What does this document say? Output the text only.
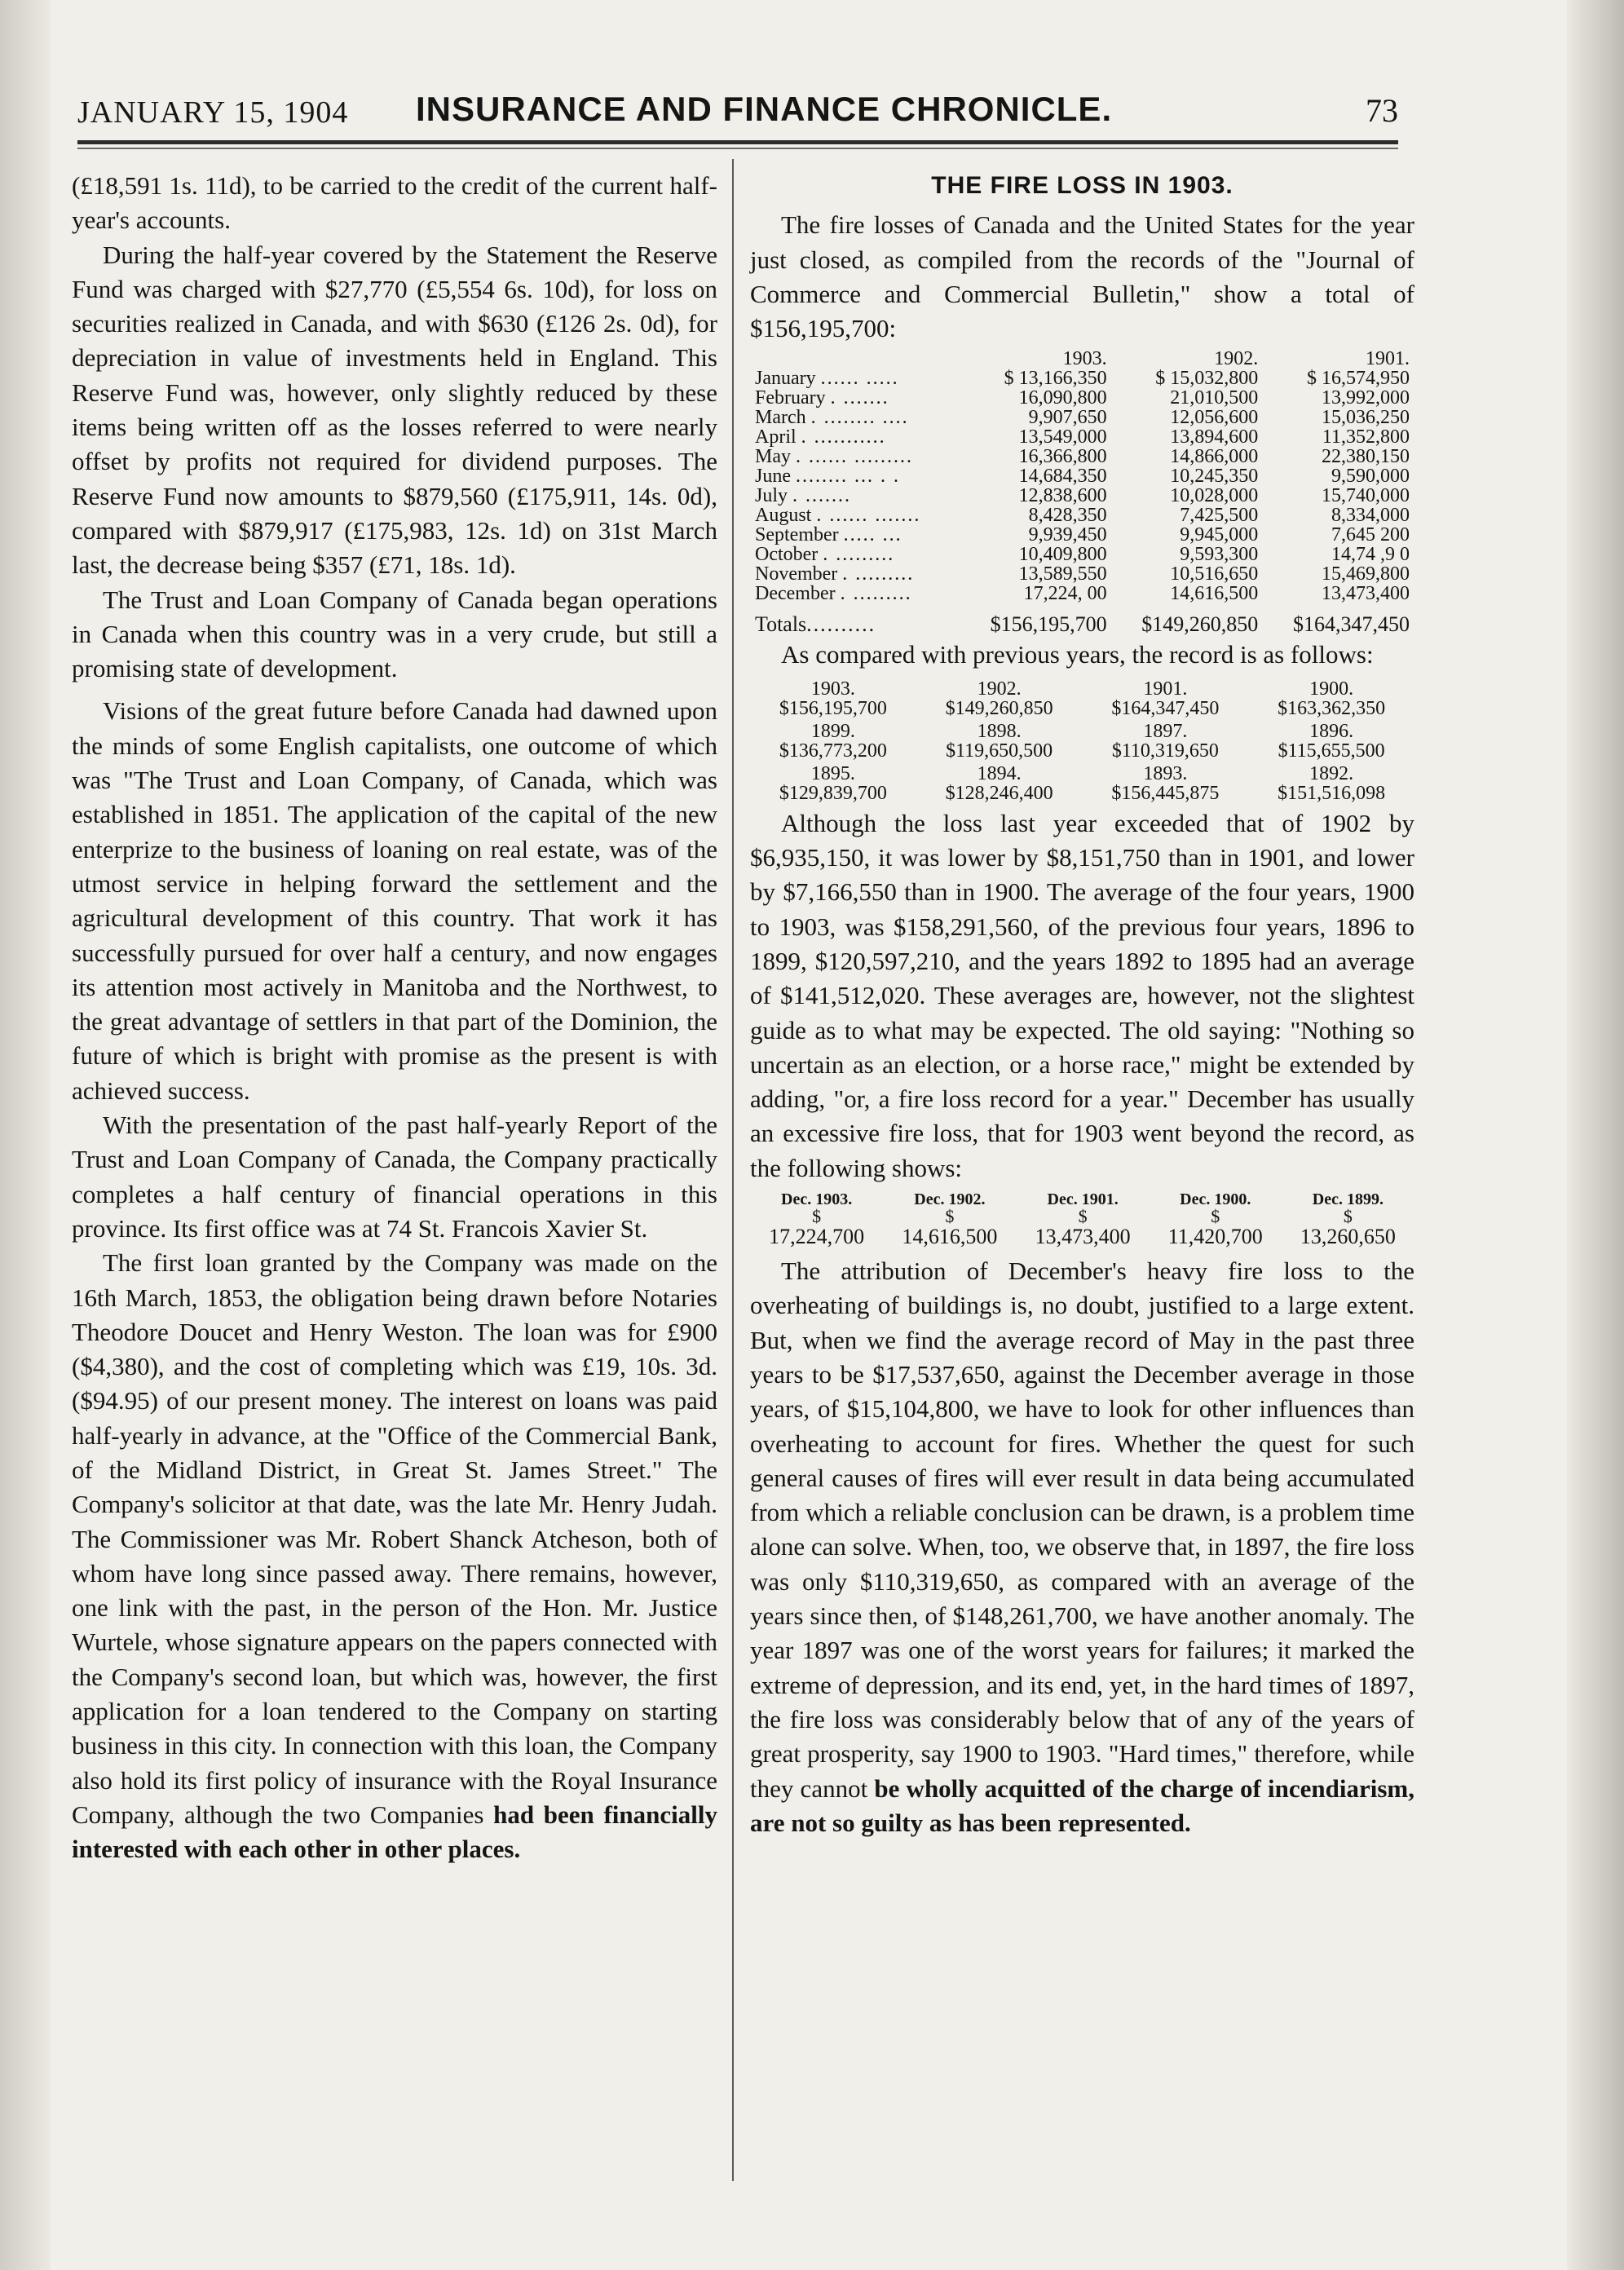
JANUARY 15, 1904 INSURANCE AND FINANCE CHRONICLE.	73

(£18,591 1s. 11d), to be carried to the credit of the current half-year's accounts.

During the half-year covered by the Statement the Reserve Fund was charged with $27,770 (£5,554 6s. 10d), for loss on securities realized in Canada, and with $630 (£126 2s. 0d), for depreciation in value of investments held in England. This Reserve Fund was, however, only slightly reduced by these items being written off as the losses referred to were nearly offset by profits not required for dividend purposes. The Reserve Fund now amounts to $879,560 (£175,911, 14s. 0d), compared with $879,917 (£175,983, 12s. 1d) on 31st March last, the decrease being $357 (£71, 18s. 1d).

The Trust and Loan Company of Canada began operations in Canada when this country was in a very crude, but still a promising state of development.

Visions of the great future before Canada had dawned upon the minds of some English capitalists, one outcome of which was "The Trust and Loan Company, of Canada, which was established in 1851. The application of the capital of the new enterprize to the business of loaning on real estate, was of the utmost service in helping forward the settlement and the agricultural development of this country. That work it has successfully pursued for over half a century, and now engages its attention most actively in Manitoba and the Northwest, to the great advantage of settlers in that part of the Dominion, the future of which is bright with promise as the present is with achieved success.

With the presentation of the past half-yearly Report of the Trust and Loan Company of Canada, the Company practically completes a half century of financial operations in this province. Its first office was at 74 St. Francois Xavier St.

The first loan granted by the Company was made on the 16th March, 1853, the obligation being drawn before Notaries Theodore Doucet and Henry Weston. The loan was for £900 ($4,380), and the cost of completing which was £19, 10s. 3d. ($94.95) of our present money. The interest on loans was paid half-yearly in advance, at the "Office of the Commercial Bank, of the Midland District, in Great St. James Street." The Company's solicitor at that date, was the late Mr. Henry Judah. The Commissioner was Mr. Robert Shanck Atcheson, both of whom have long since passed away. There remains, however, one link with the past, in the person of the Hon. Mr. Justice Wurtele, whose signature appears on the papers connected with the Company's second loan, but which was, however, the first application for a loan tendered to the Company on starting business in this city. In connection with this loan, the Company also hold its first policy of insurance with the Royal Insurance Company, although the two Companies had been financially interested with each other in other places.

THE FIRE LOSS IN 1903.

The fire losses of Canada and the United States for the year just closed, as compiled from the records of the "Journal of Commerce and Commercial Bulletin," show a total of $156,195,700:

	1903.	1902.	1901.
January ...... .....	$ 13,166,350	$ 15,032,800	$ 16,574,950
February . .......	16,090,800	21,010,500	13,992,000
March . ........ ....	9,907,650	12,056,600	15,036,250
April . ...........	13,549,000	13,894,600	11,352,800
May . ...... .........	16,366,800	14,866,000	22,380,150
June ........ ... . .	14,684,350	10,245,350	9,590,000
July . .......	12,838,600	10,028,000	15,740,000
August . ...... .......	8,428,350	7,425,500	8,334,000
September ..... ...	9,939,450	9,945,000	7,645 200
October . .........	10,409,800	9,593,300	14,74 ,9 0
November . .........	13,589,550	10,516,650	15,469,800
December . .........	17,224, 00	14,616,500	13,473,400
Totals..........	$156,195,700	$149,260,850	$164,347,450

As compared with previous years, the record is as follows:

1903.	1902.	1901.	1900.
$156,195,700	$149,260,850	$164,347,450	$163,362,350
1899.	1898.	1897.	1896.
$136,773,200	$119,650,500	$110,319,650	$115,655,500
1895.	1894.	1893.	1892.
$129,839,700	$128,246,400	$156,445,875	$151,516,098

Although the loss last year exceeded that of 1902 by $6,935,150, it was lower by $8,151,750 than in 1901, and lower by $7,166,550 than in 1900. The average of the four years, 1900 to 1903, was $158,291,560, of the previous four years, 1896 to 1899, $120,597,210, and the years 1892 to 1895 had an average of $141,512,020. These averages are, however, not the slightest guide as to what may be expected. The old saying: "Nothing so uncertain as an election, or a horse race," might be extended by adding, "or, a fire loss record for a year." December has usually an excessive fire loss, that for 1903 went beyond the record, as the following shows:

Dec. 1903.	Dec. 1902.	Dec. 1901.	Dec. 1900.	Dec. 1899.
$	$	$	$	$
17,224,700	14,616,500	13,473,400	11,420,700	13,260,650

The attribution of December's heavy fire loss to the overheating of buildings is, no doubt, justified to a large extent. But, when we find the average record of May in the past three years to be $17,537,650, against the December average in those years, of $15,104,800, we have to look for other influences than overheating to account for fires. Whether the quest for such general causes of fires will ever result in data being accumulated from which a reliable conclusion can be drawn, is a problem time alone can solve. When, too, we observe that, in 1897, the fire loss was only $110,319,650, as compared with an average of the years since then, of $148,261,700, we have another anomaly. The year 1897 was one of the worst years for failures; it marked the extreme of depression, and its end, yet, in the hard times of 1897, the fire loss was considerably below that of any of the years of great prosperity, say 1900 to 1903. "Hard times," therefore, while they cannot be wholly acquitted of the charge of incendiarism, are not so guilty as has been represented.
